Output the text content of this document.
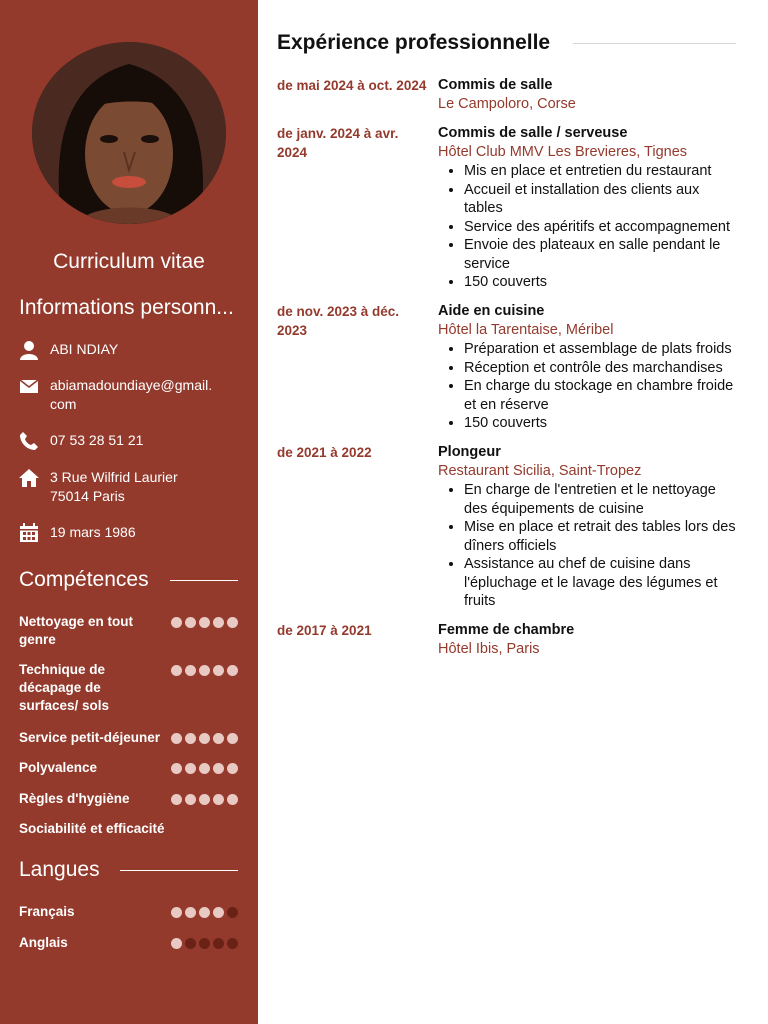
Curriculum vitae
Informations personn...
ABI NDIAY
abiamadoundiaye@gmail.
com
07 53 28 51 21
3 Rue Wilfrid Laurier
75014 Paris
19 mars 1986
Compétences
Nettoyage en tout
genre
Technique de
décapage de
surfaces/ sols
Service petit-déjeuner
Polyvalence
Règles d'hygiène
Sociabilité et efficacité
Langues
Français
Anglais
Expérience professionnelle
de mai 2024 à oct. 2024 Commis de salle
Le Campoloro, Corse
de janv. 2024 à avr.
2024
Commis de salle / serveuse
Hôtel Club MMV Les Brevieres, Tignes
• Mis en place et entretien du restaurant
• Accueil et installation des clients aux
tables
• Service des apéritifs et accompagnement
• Envoie des plateaux en salle pendant le
service
• 150 couverts
de nov. 2023 à déc.
2023
Aide en cuisine
Hôtel la Tarentaise, Méribel
• Préparation et assemblage de plats froids
• Réception et contrôle des marchandises
• En charge du stockage en chambre froide
et en réserve
• 150 couverts
de 2021 à 2022	Plongeur
Restaurant Sicilia, Saint-Tropez
• En charge de l'entretien et le nettoyage
des équipements de cuisine
• Mise en place et retrait des tables lors des
dîners officiels
• Assistance au chef de cuisine dans
l'épluchage et le lavage des légumes et
fruits
de 2017 à 2021	Femme de chambre
Hôtel Ibis, Paris
